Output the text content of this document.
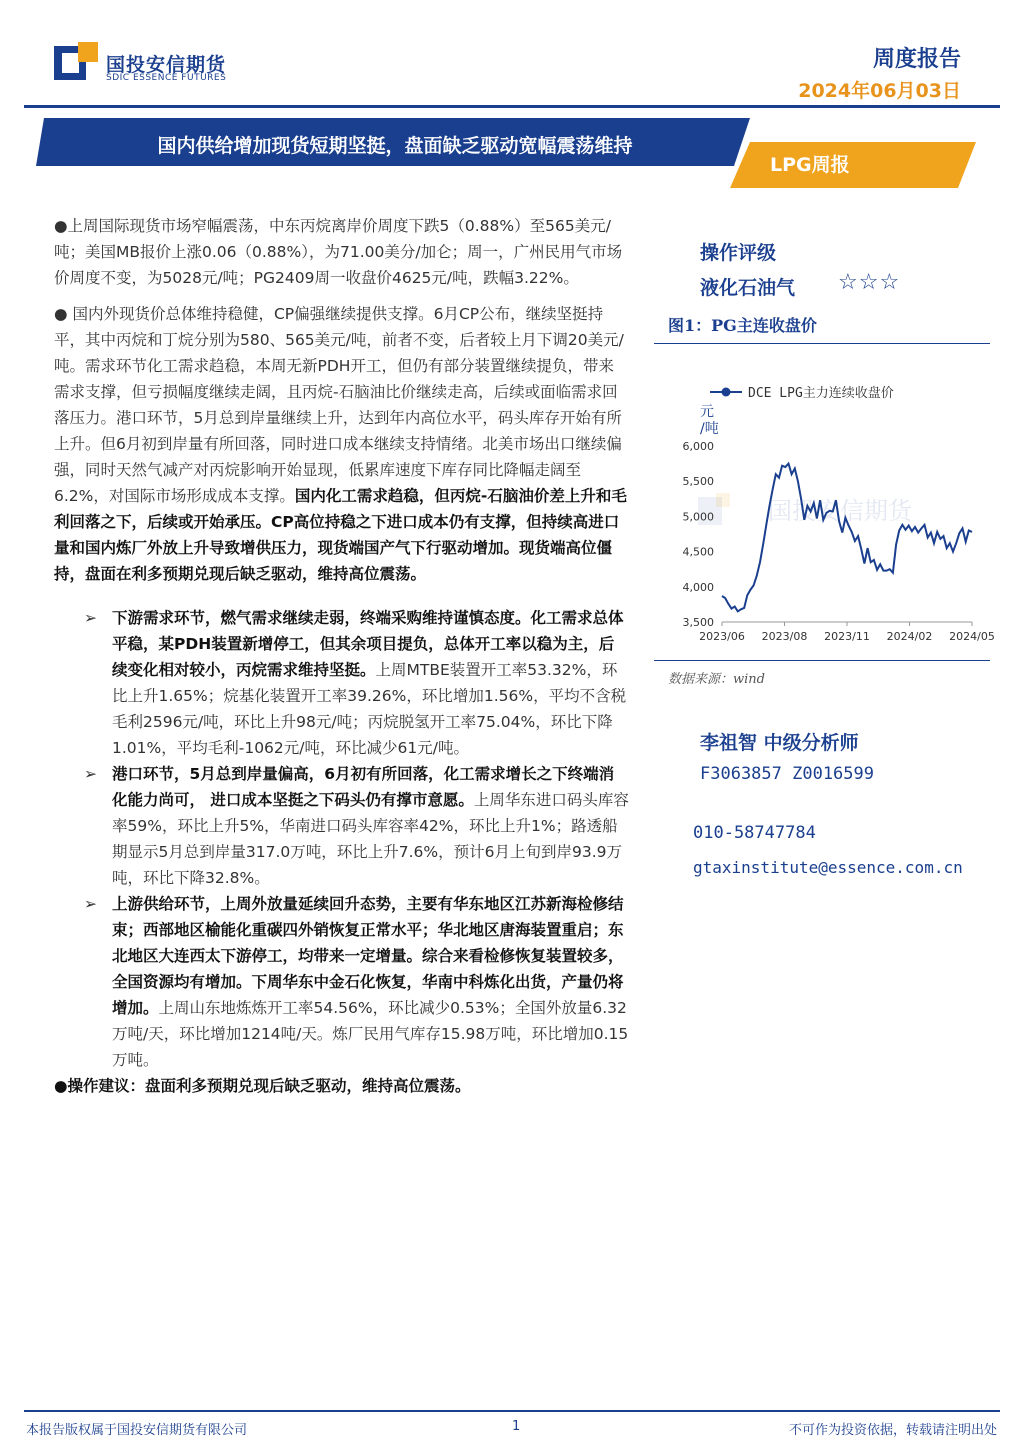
国投安信期货
SDIC ESSENCE FUTURES
周度报告
2024年06月03日
国内供给增加现货短期坚挺，盘面缺乏驱动宽幅震荡维持
LPG周报

●上周国际现货市场窄幅震荡，中东丙烷离岸价周度下跌5（0.88%）至565美元/吨；美国MB报价上涨0.06（0.88%），为71.00美分/加仑；周一，广州民用气市场价周度不变，为5028元/吨；PG2409周一收盘价4625元/吨，跌幅3.22%。

● 国内外现货价总体维持稳健，CP偏强继续提供支撑。6月CP公布，继续坚挺持平，其中丙烷和丁烷分别为580、565美元/吨，前者不变，后者较上月下调20美元/吨。需求环节化工需求趋稳，本周无新PDH开工，但仍有部分装置继续提负，带来需求支撑，但亏损幅度继续走阔，且丙烷-石脑油比价继续走高，后续或面临需求回落压力。港口环节，5月总到岸量继续上升，达到年内高位水平，码头库存开始有所上升。但6月初到岸量有所回落，同时进口成本继续支持情绪。北美市场出口继续偏强，同时天然气减产对丙烷影响开始显现，低累库速度下库存同比降幅走阔至6.2%，对国际市场形成成本支撑。国内化工需求趋稳，但丙烷-石脑油价差上升和毛利回落之下，后续或开始承压。CP高位持稳之下进口成本仍有支撑，但持续高进口量和国内炼厂外放上升导致增供压力，现货端国产气下行驱动增加。现货端高位僵持，盘面在利多预期兑现后缺乏驱动，维持高位震荡。

➢ 下游需求环节，燃气需求继续走弱，终端采购维持谨慎态度。化工需求总体平稳，某PDH装置新增停工，但其余项目提负，总体开工率以稳为主，后续变化相对较小，丙烷需求维持坚挺。上周MTBE装置开工率53.32%，环比上升1.65%；烷基化装置开工率39.26%，环比增加1.56%，平均不含税毛利2596元/吨，环比上升98元/吨；丙烷脱氢开工率75.04%，环比下降1.01%，平均毛利-1062元/吨，环比减少61元/吨。
➢ 港口环节，5月总到岸量偏高，6月初有所回落，化工需求增长之下终端消化能力尚可， 进口成本坚挺之下码头仍有撑市意愿。上周华东进口码头库容率59%，环比上升5%，华南进口码头库容率42%，环比上升1%；路透船期显示5月总到岸量317.0万吨，环比上升7.6%，预计6月上旬到岸93.9万吨，环比下降32.8%。
➢ 上游供给环节，上周外放量延续回升态势，主要有华东地区江苏新海检修结束；西部地区榆能化重碳四外销恢复正常水平；华北地区唐海装置重启；东北地区大连西太下游停工，均带来一定增量。综合来看检修恢复装置较多，全国资源均有增加。下周华东中金石化恢复，华南中科炼化出货，产量仍将增加。上周山东地炼炼开工率54.56%，环比减少0.53%；全国外放量6.32万吨/天，环比增加1214吨/天。炼厂民用气库存15.98万吨，环比增加0.15万吨。

●操作建议：盘面利多预期兑现后缺乏驱动，维持高位震荡。

操作评级
液化石油气 ☆☆☆
图1：PG主连收盘价
国投安信期货
3,500
4,000
4,500
5,000
5,500
6,000
2023/06 2023/08 2023/11 2024/02 2024/05
DCE LPG主力连续收盘价
元/吨
数据来源：wind
李祖智 中级分析师
F3063857 Z0016599
010-58747784
gtaxinstitute@essence.com.cn
本报告版权属于国投安信期货有限公司	1	不可作为投资依据，转载请注明出处
